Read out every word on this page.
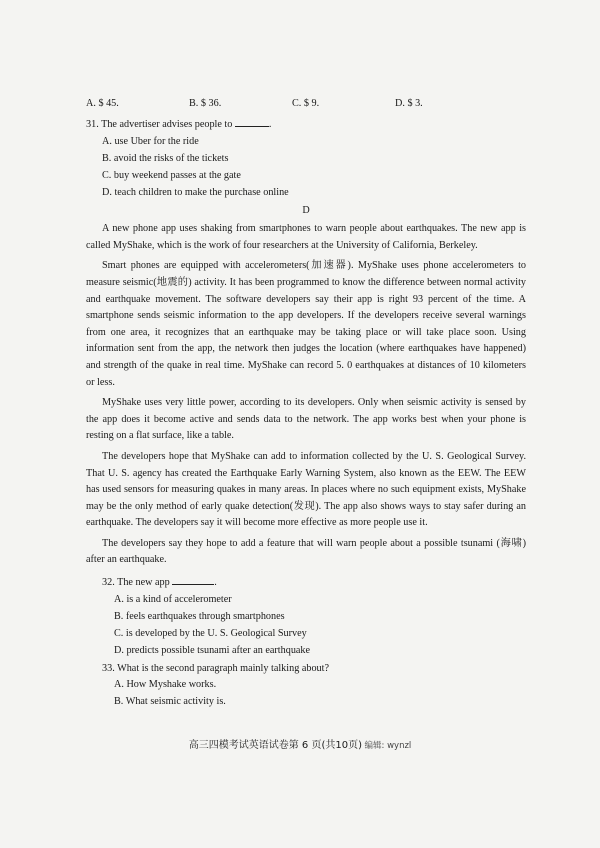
A. $ 45.	B. $ 36.	C. $ 9.	D. $ 3.
31. The advertiser advises people to	.
A. use Uber for the ride
B. avoid the risks of the tickets
C. buy weekend passes at the gate
D. teach children to make the purchase online
D

A new phone app uses shaking from smartphones to warn people about earthquakes. The new app is called MyShake, which is the work of four researchers at the University of California, Berkeley.

Smart phones are equipped with accelerometers(加速器). MyShake uses phone accelerometers to measure seismic(地震的) activity. It has been programmed to know the difference between normal activity and earthquake movement. The software developers say their app is right 93 percent of the time. A smartphone sends seismic information to the app developers. If the developers receive several warnings from one area, it recognizes that an earthquake may be taking place or will take place soon. Using information sent from the app, the network then judges the location (where earthquakes have happened) and strength of the quake in real time. MyShake can record 5. 0 earthquakes at distances of 10 kilometers or less.

MyShake uses very little power, according to its developers. Only when seismic activity is sensed by the app does it become active and sends data to the network. The app works best when your phone is resting on a flat surface, like a table.

The developers hope that MyShake can add to information collected by the U. S. Geological Survey. That U. S. agency has created the Earthquake Early Warning System, also known as the EEW. The EEW has used sensors for measuring quakes in many areas. In places where no such equipment exists, MyShake may be the only method of early quake detection(发现). The app also shows ways to stay safer during an earthquake. The developers say it will become more effective as more people use it.

The developers say they hope to add a feature that will warn people about a possible tsunami (海啸) after an earthquake.

32. The new app	.
A. is a kind of accelerometer
B. feels earthquakes through smartphones
C. is developed by the U. S. Geological Survey
D. predicts possible tsunami after an earthquake
33. What is the second paragraph mainly talking about?
A. How Myshake works.
B. What seismic activity is.
高三四模考试英语试卷第 6 页(共10页) 编辑: wynzl
